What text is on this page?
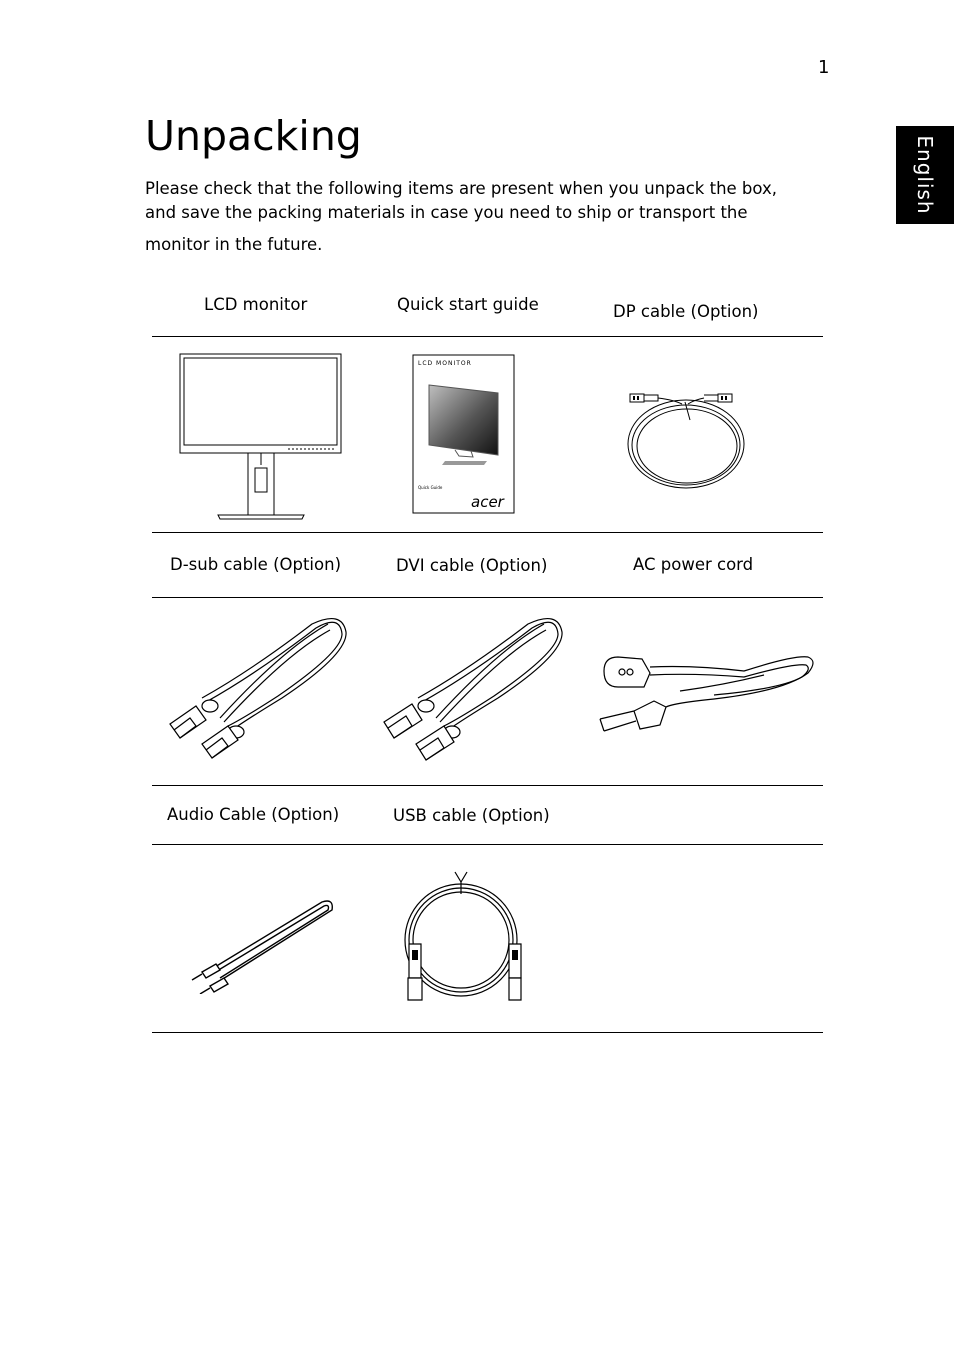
1
English
Unpacking
Please check that the following items are present when you unpack the box,
and save the packing materials in case you need to ship or transport the
monitor in the future.
LCD monitor	Quick start guide	DP cable (Option)
LCD MONITOR
Quick Guide
acer
D-sub cable (Option)	DVI cable (Option)	AC power cord
Audio Cable (Option)	USB cable (Option)
